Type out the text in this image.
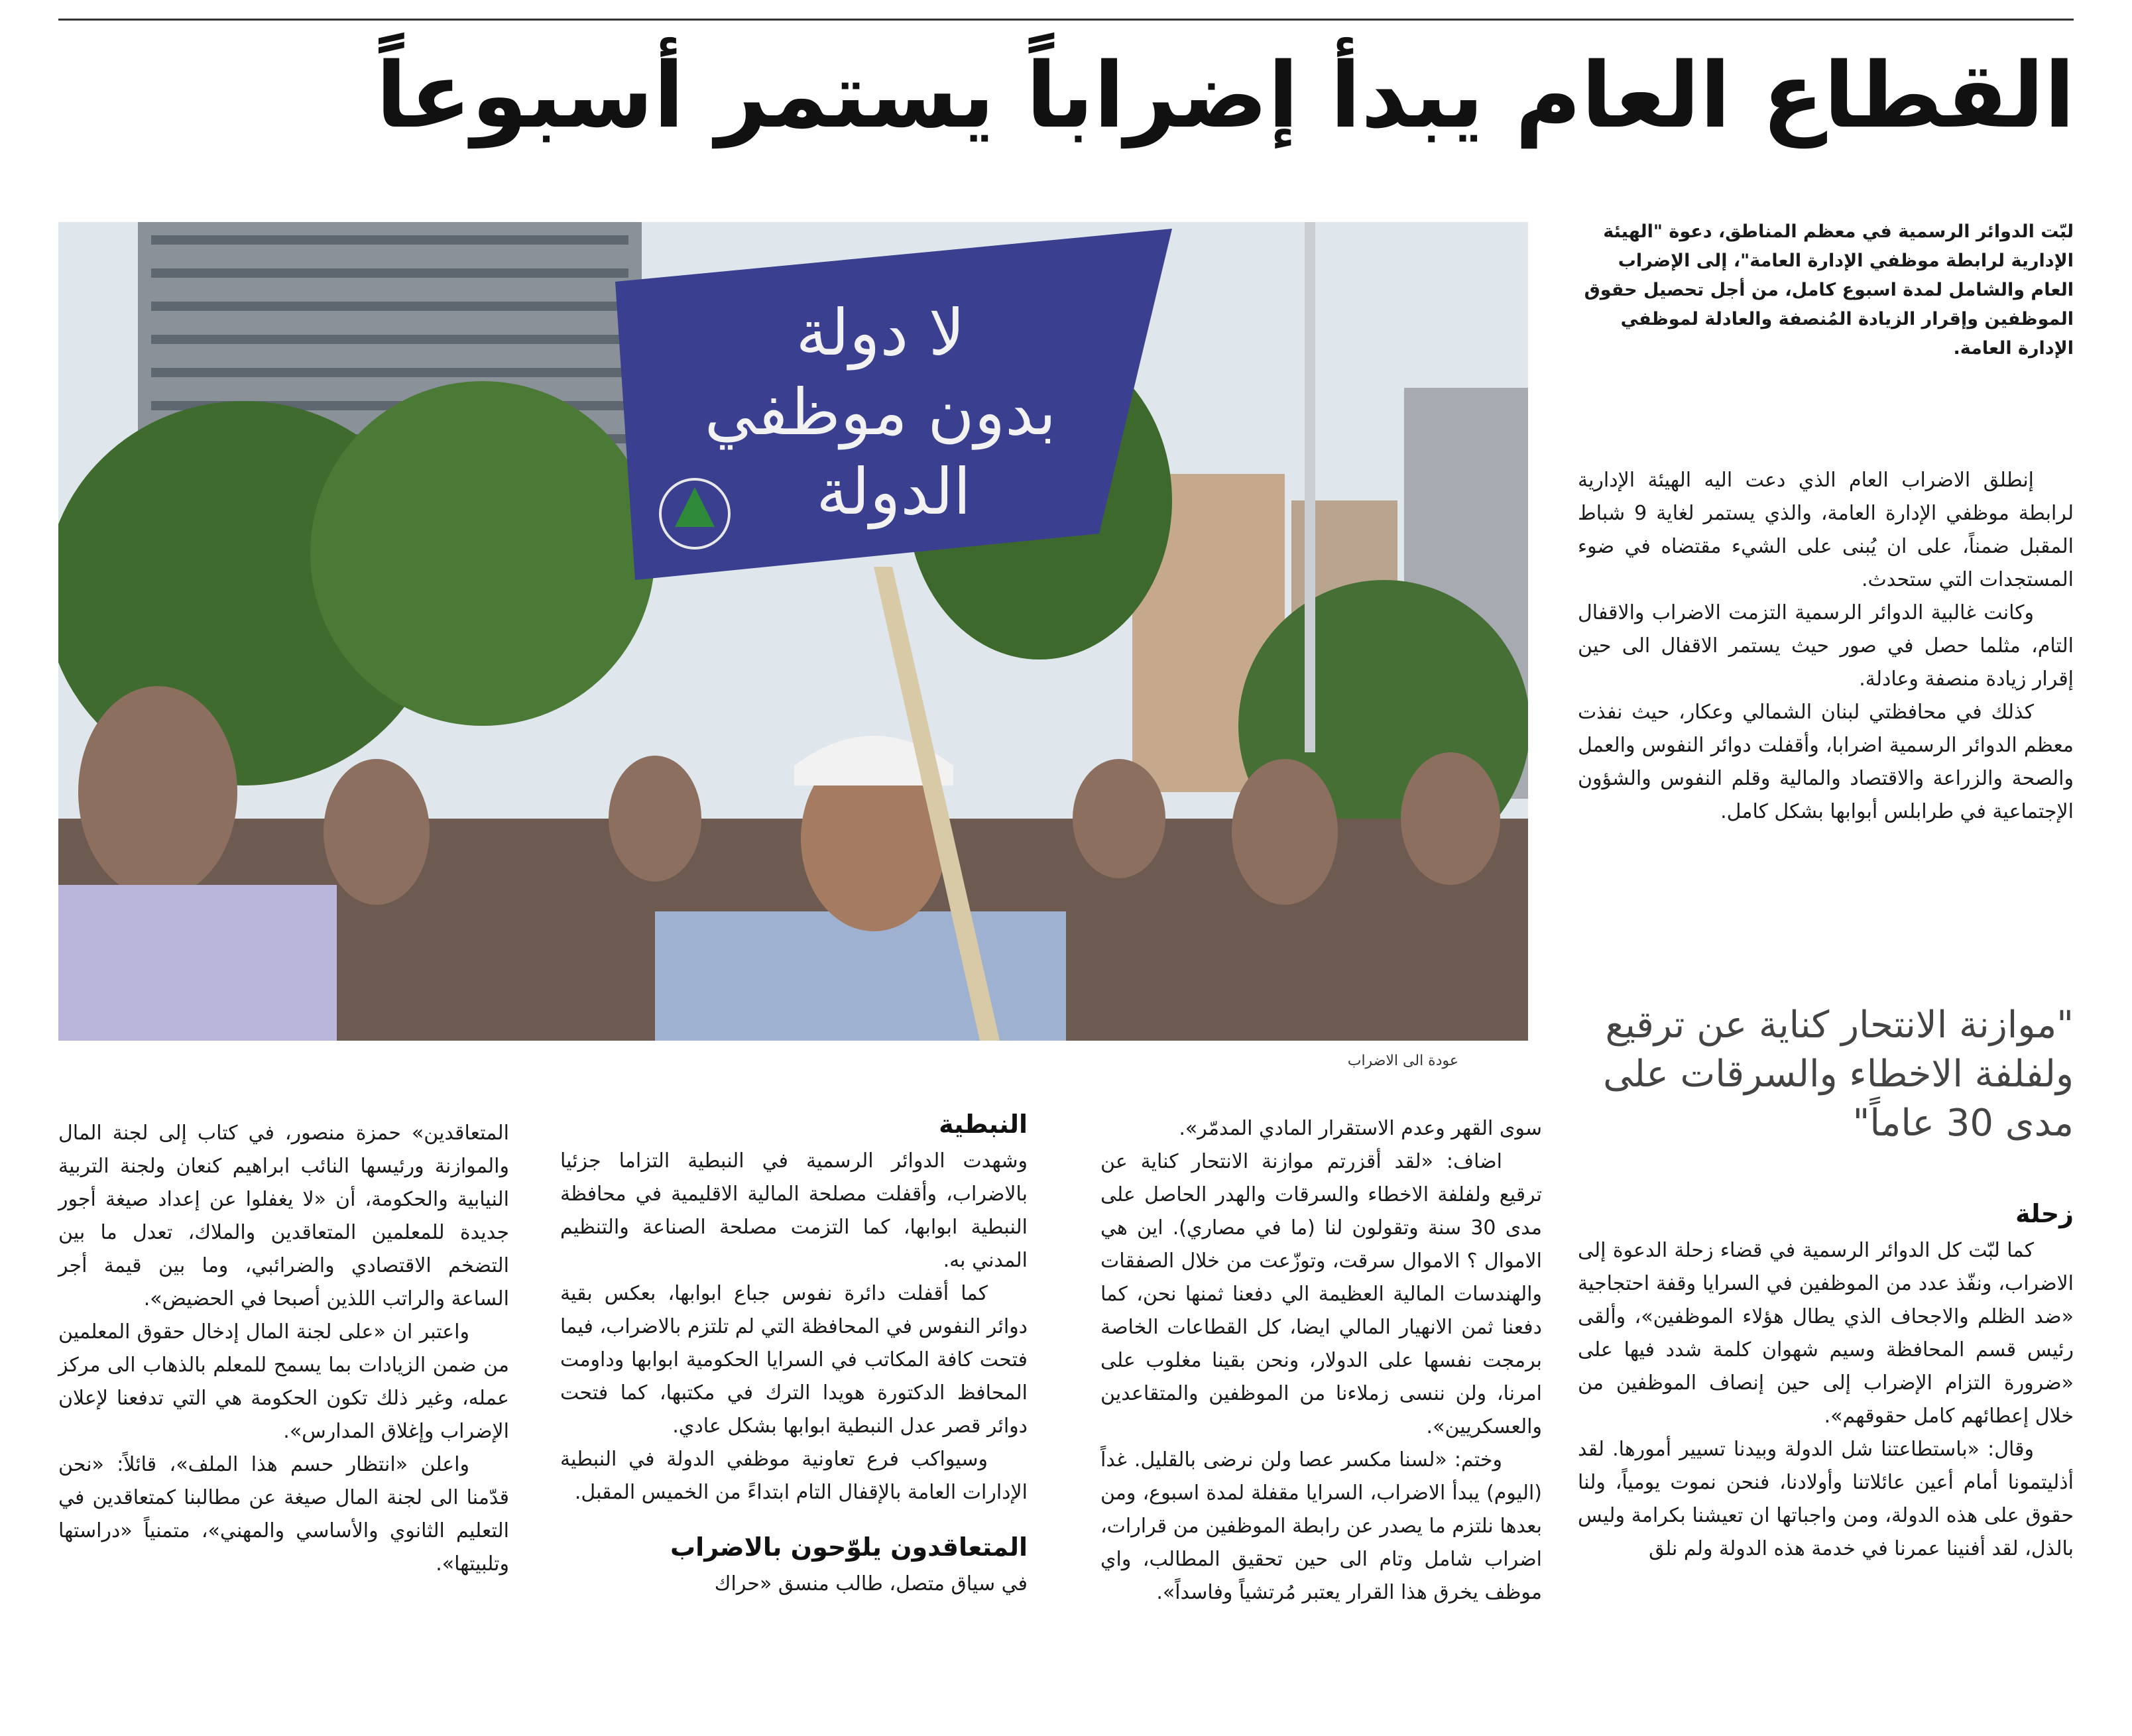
القطاع العام يبدأ إضراباً يستمر أسبوعاً
لا دولة
بدون موظفي
الدولة
عودة الى الاضراب
لبّت الدوائر الرسمية في معظم المناطق، دعوة "الهيئة الإدارية لرابطة موظفي الإدارة العامة"، إلى الإضراب العام والشامل لمدة اسبوع كامل، من أجل تحصيل حقوق الموظفين وإقرار الزيادة المُنصفة والعادلة لموظفي الإدارة العامة.

إنطلق الاضراب العام الذي دعت اليه الهيئة الإدارية لرابطة موظفي الإدارة العامة، والذي يستمر لغاية 9 شباط المقبل ضمناً، على ان يُبنى على الشيء مقتضاه في ضوء المستجدات التي ستحدث.

وكانت غالبية الدوائر الرسمية التزمت الاضراب والاقفال التام، مثلما حصل في صور حيث يستمر الاقفال الى حين إقرار زيادة منصفة وعادلة.

كذلك في محافظتي لبنان الشمالي وعكار، حيث نفذت معظم الدوائر الرسمية اضرابا، وأقفلت دوائر النفوس والعمل والصحة والزراعة والاقتصاد والمالية وقلم النفوس والشؤون الإجتماعية في طرابلس أبوابها بشكل كامل.

"موازنة الانتحار كناية عن ترقيع ولفلفة الاخطاء والسرقات على مدى 30 عاماً"
زحلة

كما لبّت كل الدوائر الرسمية في قضاء زحلة الدعوة إلى الاضراب، ونفّذ عدد من الموظفين في السرايا وقفة احتجاجية «ضد الظلم والاجحاف الذي يطال هؤلاء الموظفين»، وألقى رئيس قسم المحافظة وسيم شهوان كلمة شدد فيها على «ضرورة التزام الإضراب إلى حين إنصاف الموظفين من خلال إعطائهم كامل حقوقهم».

وقال: «باستطاعتنا شل الدولة وبيدنا تسيير أمورها. لقد أذليتمونا أمام أعين عائلاتنا وأولادنا، فنحن نموت يومياً، ولنا حقوق على هذه الدولة، ومن واجباتها ان تعيشنا بكرامة وليس بالذل، لقد أفنينا عمرنا في خدمة هذه الدولة ولم نلق

سوى القهر وعدم الاستقرار المادي المدمّر».

اضاف: «لقد أقزرتم موازنة الانتحار كناية عن ترقيع ولفلفة الاخطاء والسرقات والهدر الحاصل على مدى 30 سنة وتقولون لنا (ما في مصاري). اين هي الاموال ؟ الاموال سرقت، وتوزّعت من خلال الصفقات والهندسات المالية العظيمة الي دفعنا ثمنها نحن، كما دفعنا ثمن الانهيار المالي ايضا، كل القطاعات الخاصة برمجت نفسها على الدولار، ونحن بقينا مغلوب على امرنا، ولن ننسى زملاءنا من الموظفين والمتقاعدين والعسكريين».

وختم: «لسنا مكسر عصا ولن نرضى بالقليل. غداً (اليوم) يبدأ الاضراب، السرايا مقفلة لمدة اسبوع، ومن بعدها نلتزم ما يصدر عن رابطة الموظفين من قرارات، اضراب شامل وتام الى حين تحقيق المطالب، واي موظف يخرق هذا القرار يعتبر مُرتشياً وفاسداً».

النبطية

وشهدت الدوائر الرسمية في النبطية التزاما جزئيا بالاضراب، وأقفلت مصلحة المالية الاقليمية في محافظة النبطية ابوابها، كما التزمت مصلحة الصناعة والتنظيم المدني به.

كما أقفلت دائرة نفوس جباع ابوابها، بعكس بقية دوائر النفوس في المحافظة التي لم تلتزم بالاضراب، فيما فتحت كافة المكاتب في السرايا الحكومية ابوابها وداومت المحافظ الدكتورة هويدا الترك في مكتبها، كما فتحت دوائر قصر عدل النبطية ابوابها بشكل عادي.

وسيواكب فرع تعاونية موظفي الدولة في النبطية الإدارات العامة بالإقفال التام ابتداءً من الخميس المقبل.

المتعاقدون يلوّحون بالاضراب

في سياق متصل، طالب منسق «حراك

المتعاقدين» حمزة منصور، في كتاب إلى لجنة المال والموازنة ورئيسها النائب ابراهيم كنعان ولجنة التربية النيابية والحكومة، أن «لا يغفلوا عن إعداد صيغة أجور جديدة للمعلمين المتعاقدين والملاك، تعدل ما بين التضخم الاقتصادي والضرائبي، وما بين قيمة أجر الساعة والراتب اللذين أصبحا في الحضيض».

واعتبر ان «على لجنة المال إدخال حقوق المعلمين من ضمن الزيادات بما يسمح للمعلم بالذهاب الى مركز عمله، وغير ذلك تكون الحكومة هي التي تدفعنا لإعلان الإضراب وإغلاق المدارس».

واعلن «انتظار حسم هذا الملف»، قائلاً: «نحن قدّمنا الى لجنة المال صيغة عن مطالبنا كمتعاقدين في التعليم الثانوي والأساسي والمهني»، متمنياً «دراستها وتلبيتها».
